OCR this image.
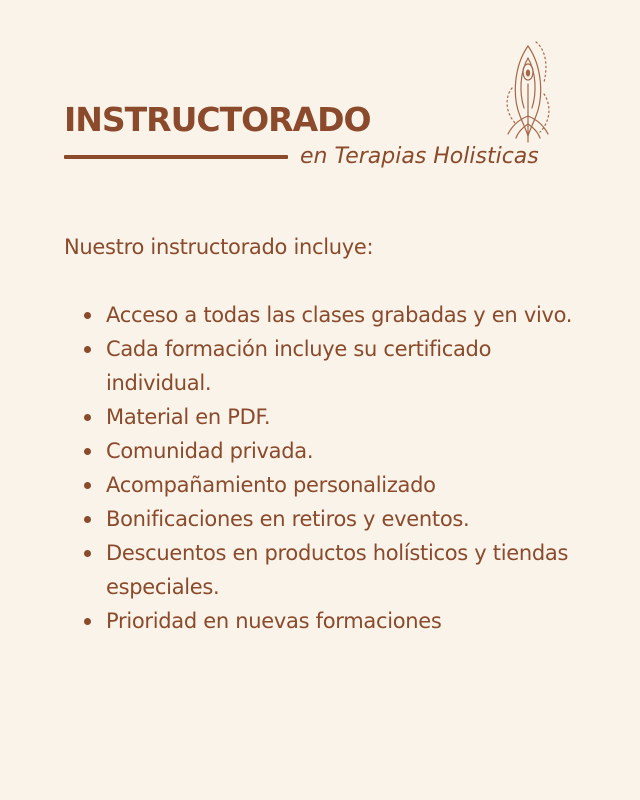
INSTRUCTORADO
en Terapias Holisticas
Nuestro instructorado incluye:
Acceso a todas las clases grabadas y en vivo.
Cada formación incluye su certificado individual.
Material en PDF.
Comunidad privada.
Acompañamiento personalizado
Bonificaciones en retiros y eventos.
Descuentos en productos holísticos y tiendas especiales.
Prioridad en nuevas formaciones
